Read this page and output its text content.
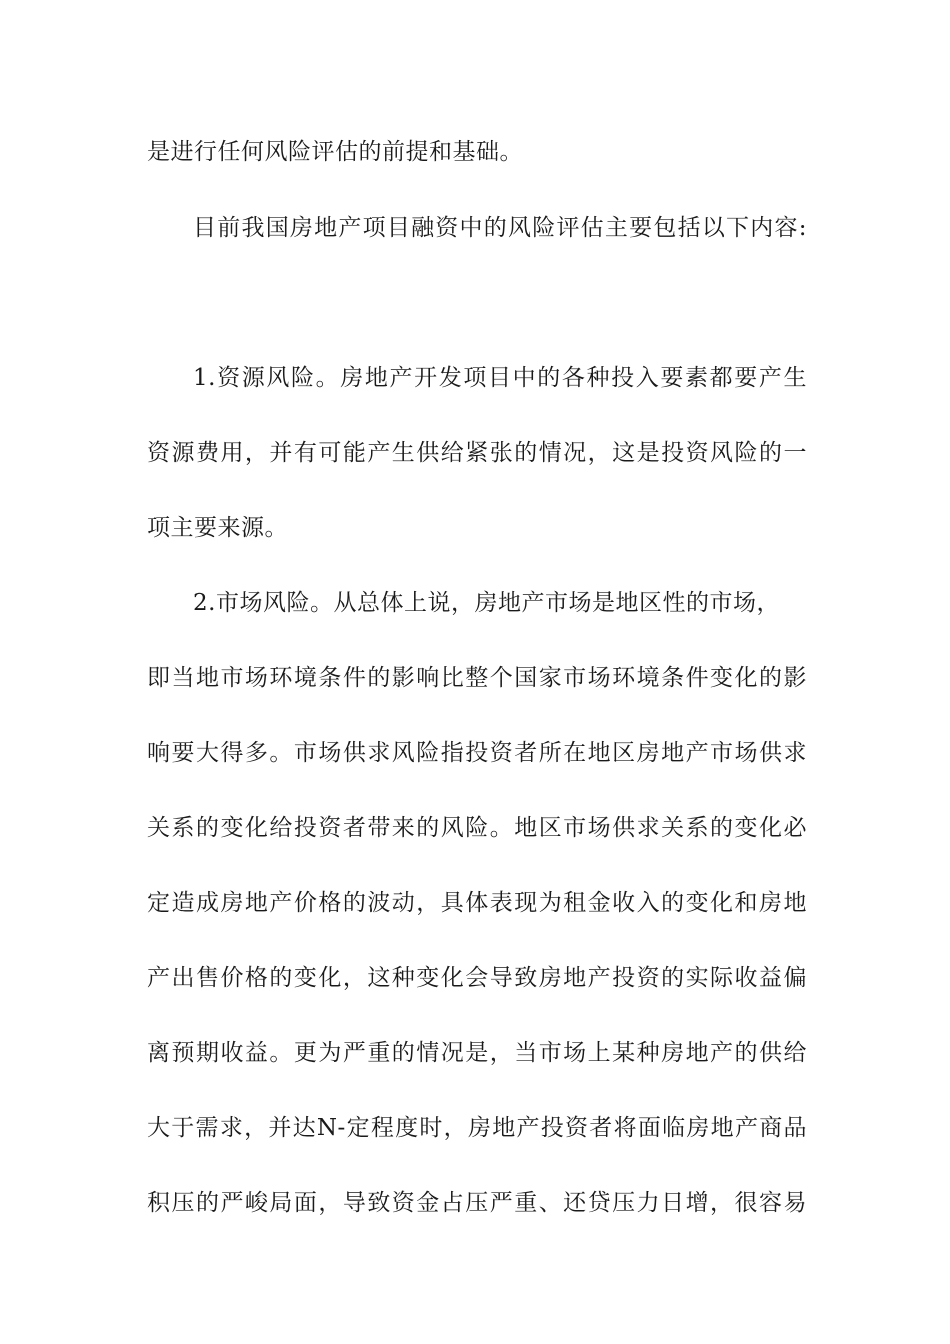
是进行任何风险评估的前提和基础。
目前我国房地产项目融资中的风险评估主要包括以下内容:
1.资源风险。房地产开发项目中的各种投入要素都要产生
资源费用，并有可能产生供给紧张的情况，这是投资风险的一
项主要来源。
2.市场风险。从总体上说，房地产市场是地区性的市场，
即当地市场环境条件的影响比整个国家市场环境条件变化的影
响要大得多。市场供求风险指投资者所在地区房地产市场供求
关系的变化给投资者带来的风险。地区市场供求关系的变化必
定造成房地产价格的波动，具体表现为租金收入的变化和房地
产出售价格的变化，这种变化会导致房地产投资的实际收益偏
离预期收益。更为严重的情况是，当市场上某种房地产的供给
大于需求，并达N-定程度时，房地产投资者将面临房地产商品
积压的严峻局面，导致资金占压严重、还贷压力日增，很容易
